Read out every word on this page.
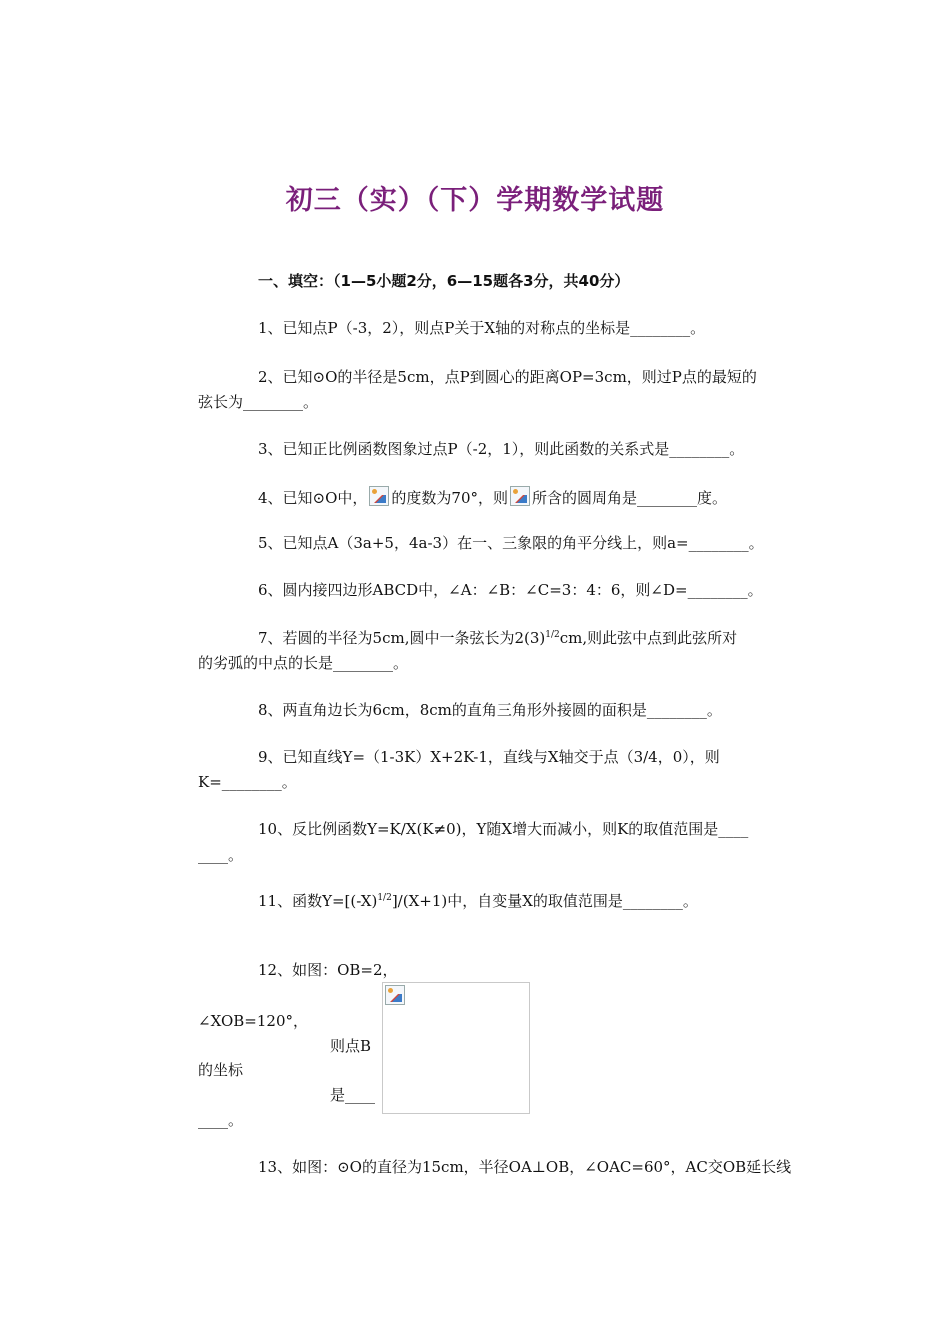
初三（实）（下）学期数学试题
一、填空：（1—5小题2分，6—15题各3分，共40分）
1、已知点P（-3，2），则点P关于X轴的对称点的坐标是________。
2、已知⊙O的半径是5cm，点P到圆心的距离OP=3cm，则过P点的最短的
弦长为________。
3、已知正比例函数图象过点P（-2，1），则此函数的关系式是________。
4、已知⊙O中， 的度数为70°，则 所含的圆周角是________度。
5、已知点A（3a+5，4a-3）在一、三象限的角平分线上，则a=________。
6、圆内接四边形ABCD中，∠A：∠B：∠C=3：4：6，则∠D=________。
7、若圆的半径为5cm,圆中一条弦长为$2(3)^{1/2}cm$,则此弦中点到此弦所对
的劣弧的中点的长是________。
8、两直角边长为6cm，8cm的直角三角形外接圆的面积是________。
9、已知直线Y=（1-3K）X+2K-1，直线与X轴交于点（3/4，0），则
K=________。
10、反比例函数Y=K/X(K≠0)，Y随X增大而减小，则K的取值范围是____
____。
11、函数$Y=[(-X)^{1/2}]/(X+1)$中，自变量X的取值范围是________。
12、如图：OB=2，
∠XOB=120°，
则点B
的坐标
是____
____。
13、如图：⊙O的直径为15cm，半径OA⊥OB，∠OAC=60°，AC交OB延长线
